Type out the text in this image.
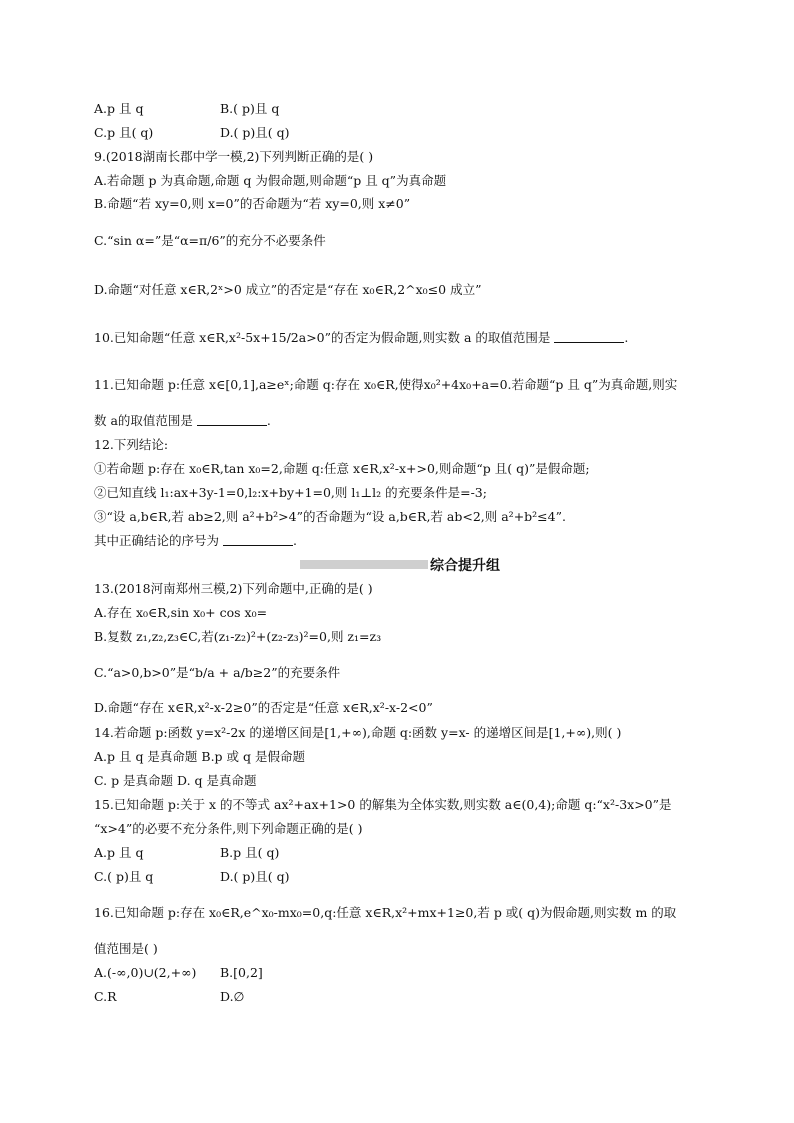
A.p 且 q	B.( p)且 q
C.p 且( q)	D.( p)且( q)
9.(2018湖南长郡中学一模,2)下列判断正确的是( )
A.若命题 p 为真命题,命题 q 为假命题,则命题“p 且 q”为真命题
B.命题“若 xy=0,则 x=0”的否命题为“若 xy=0,则 x≠0”
C.“sin α=”是“α=π/6”的充分不必要条件
D.命题“对任意 x∈R,2ˣ>0 成立”的否定是“存在 x₀∈R,2^x₀≤0 成立”
10.已知命题“任意 x∈R,x²-5x+15/2a>0”的否定为假命题,则实数 a 的取值范围是	.
11.已知命题 p:任意 x∈[0,1],a≥eˣ;命题 q:存在 x₀∈R,使得x₀²+4x₀+a=0.若命题“p 且 q”为真命题,则实
数 a的取值范围是	.
12.下列结论:
①若命题 p:存在 x₀∈R,tan x₀=2,命题 q:任意 x∈R,x²-x+>0,则命题“p 且( q)”是假命题;
②已知直线 l₁:ax+3y-1=0,l₂:x+by+1=0,则 l₁⊥l₂ 的充要条件是=-3;
③“设 a,b∈R,若 ab≥2,则 a²+b²>4”的否命题为“设 a,b∈R,若 ab<2,则 a²+b²≤4”.
其中正确结论的序号为	.
综合提升组
13.(2018河南郑州三模,2)下列命题中,正确的是( )
A.存在 x₀∈R,sin x₀+ cos x₀=
B.复数 z₁,z₂,z₃∈C,若(z₁-z₂)²+(z₂-z₃)²=0,则 z₁=z₃
C.“a>0,b>0”是“b/a + a/b≥2”的充要条件
D.命题“存在 x∈R,x²-x-2≥0”的否定是“任意 x∈R,x²-x-2<0”
14.若命题 p:函数 y=x²-2x 的递增区间是[1,+∞),命题 q:函数 y=x- 的递增区间是[1,+∞),则( )
A.p 且 q 是真命题 B.p 或 q 是假命题
C. p 是真命题 D. q 是真命题
15.已知命题 p:关于 x 的不等式 ax²+ax+1>0 的解集为全体实数,则实数 a∈(0,4);命题 q:“x²-3x>0”是
“x>4”的必要不充分条件,则下列命题正确的是( )
A.p 且 q	B.p 且( q)
C.( p)且 q	D.( p)且( q)
16.已知命题 p:存在 x₀∈R,e^x₀-mx₀=0,q:任意 x∈R,x²+mx+1≥0,若 p 或( q)为假命题,则实数 m 的取
值范围是( )
A.(-∞,0)∪(2,+∞) B.[0,2]
C.R	D.∅
